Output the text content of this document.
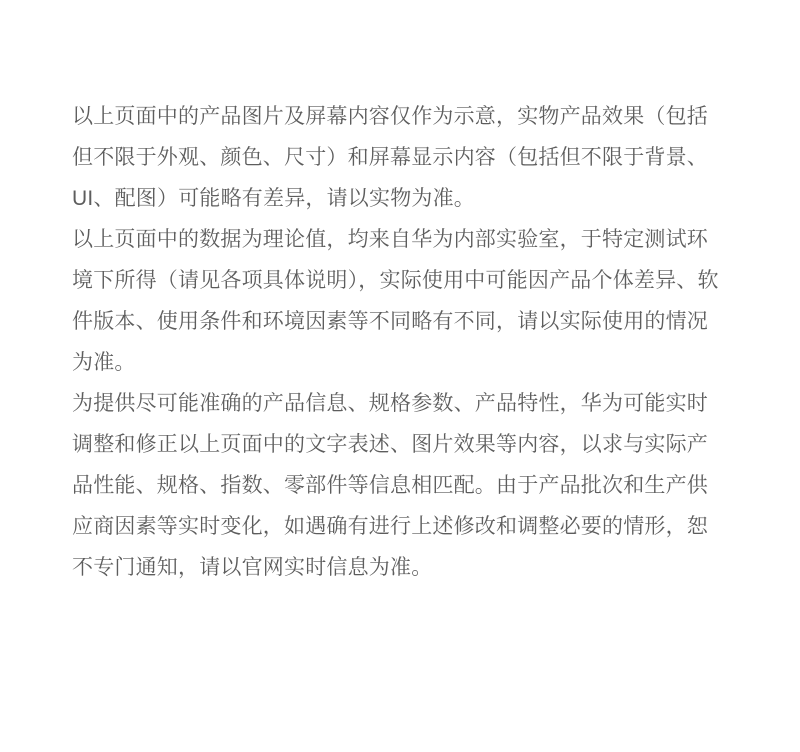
以上页面中的产品图片及屏幕内容仅作为示意，实物产品效果（包括但不限于外观、颜色、尺寸）和屏幕显示内容（包括但不限于背景、UI、配图）可能略有差异，请以实物为准。

以上页面中的数据为理论值，均来自华为内部实验室，于特定测试环境下所得（请见各项具体说明），实际使用中可能因产品个体差异、软件版本、使用条件和环境因素等不同略有不同，请以实际使用的情况为准。

为提供尽可能准确的产品信息、规格参数、产品特性，华为可能实时调整和修正以上页面中的文字表述、图片效果等内容，以求与实际产品性能、规格、指数、零部件等信息相匹配。由于产品批次和生产供应商因素等实时变化，如遇确有进行上述修改和调整必要的情形，恕不专门通知，请以官网实时信息为准。
